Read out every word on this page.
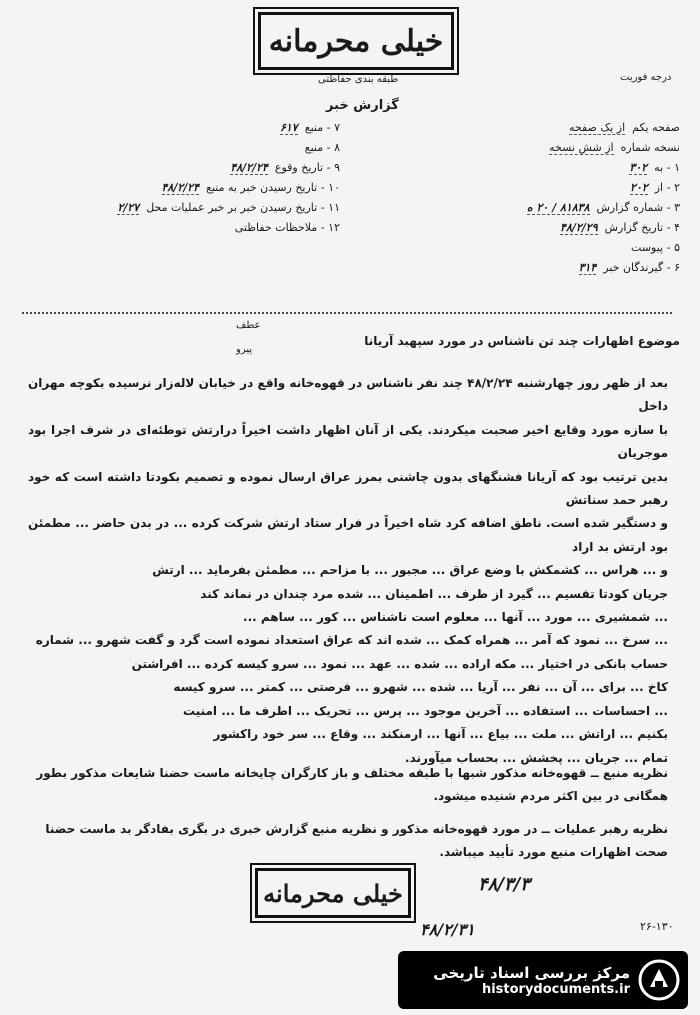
خیلی محرمانه
طبقه بندی حفاظتی
گزارش خبر
درجه فوریت
صفحه یکم  از یک صفحه
نسخه شماره  از شش نسخه
۱ - به  ۳۰۲
۲ - از  ۲۰۲
۳ - شماره گزارش  ۸۱۸۳۸ / ۲۰ ه
۴ - تاریخ گزارش  ۴۸/۲/۲۹
۵ - پیوست
۶ - گیرندگان خبر  ۳۱۴
۷ - منبع  ۶۱۷
۸ - منبع
۹ - تاریخ وقوع  ۴۸/۲/۲۴
۱۰ - تاریخ رسیدن خبر به منبع  ۴۸/۲/۲۴
۱۱ - تاریخ رسیدن خبر بر خبر عملیات محل  ۲/۲۷
۱۲ - ملاحظات حفاظتی
عطف
پیرو
موضوع اظهارات چند تن ناشناس در مورد سپهبد آریانا

بعد از ظهر روز چهارشنبه ۴۸/۲/۲۴ چند نفر ناشناس در قهوه‌خانه واقع در خیابان لاله‌زار نرسیده بکوچه مهران داخل

با سازه مورد وقایع اخیر صحبت میکردند. یکی از آنان اظهار داشت اخیراً درارتش توطئه‌ای در شرف اجرا بود موجریان

بدین ترتیب بود که آریانا فشنگهای بدون چاشنی بمرز عراق ارسال نموده و تصمیم بکودتا داشته است که خود رهبر حمد سناتش

و دستگیر شده است. ناطق اضافه کرد شاه اخیراً در فرار ستاد ارتش شرکت کرده ... در بدن حاضر ... مطمئن بود ارتش بد اراد

و ... هراس ... کشمکش با وضع عراق ... مجبور ... با مزاحم ... مطمئن بفرماید ... ارتش

جریان کودتا تقسیم ... گیرد از طرف ... اطمینان ... شده مرد چندان در نماند کند

... شمشیری ... مورد ... آنها ... معلوم است ناشناس ... کور ... ساهم ...

... سرخ ... نمود که آمر ... همراه کمک ... شده اند که عراق استعداد نموده است گرد و گفت شهرو ... شماره

حساب بانکی در اختیار ... مکه اراده ... شده ... عهد ... نمود ... سرو کیسه کرده ... افراشتن

کاخ ... برای ... آن ... نفر ... آریا ... شده ... شهرو ... فرصتی ... کمتر ... سرو کیسه

... احساسات ... استفاده ... آخرین موجود ... پرس ... تحریک ... اطرف ما ... امنیت

بکنیم ... اراتش ... ملت ... بیاع ... آنها ... ارمنکند ... وقاع ... سر خود راکشور

تمام ... جریان ... پخشش ... بحساب میآورند.

نظریه منبع ــ قهوه‌خانه مذکور شبها با طبقه مختلف و باز کارگران چایخانه ماست حضنا شایعات مذکور بطور همگانی در بین اکثر مردم شنیده میشود.
نظریه رهبر عملیات ــ در مورد قهوه‌خانه مذکور و نظریه منبع گزارش خبری در بگری بفادگر بد ماست حضنا صحت اظهارات منبع مورد تأیید میباشد.
خیلی محرمانه	۴۸/۳/۳
۴۸/۲/۳۱	۲۶-۱۳۰
مرکز بررسی اسناد تاریخی
historydocuments.ir
